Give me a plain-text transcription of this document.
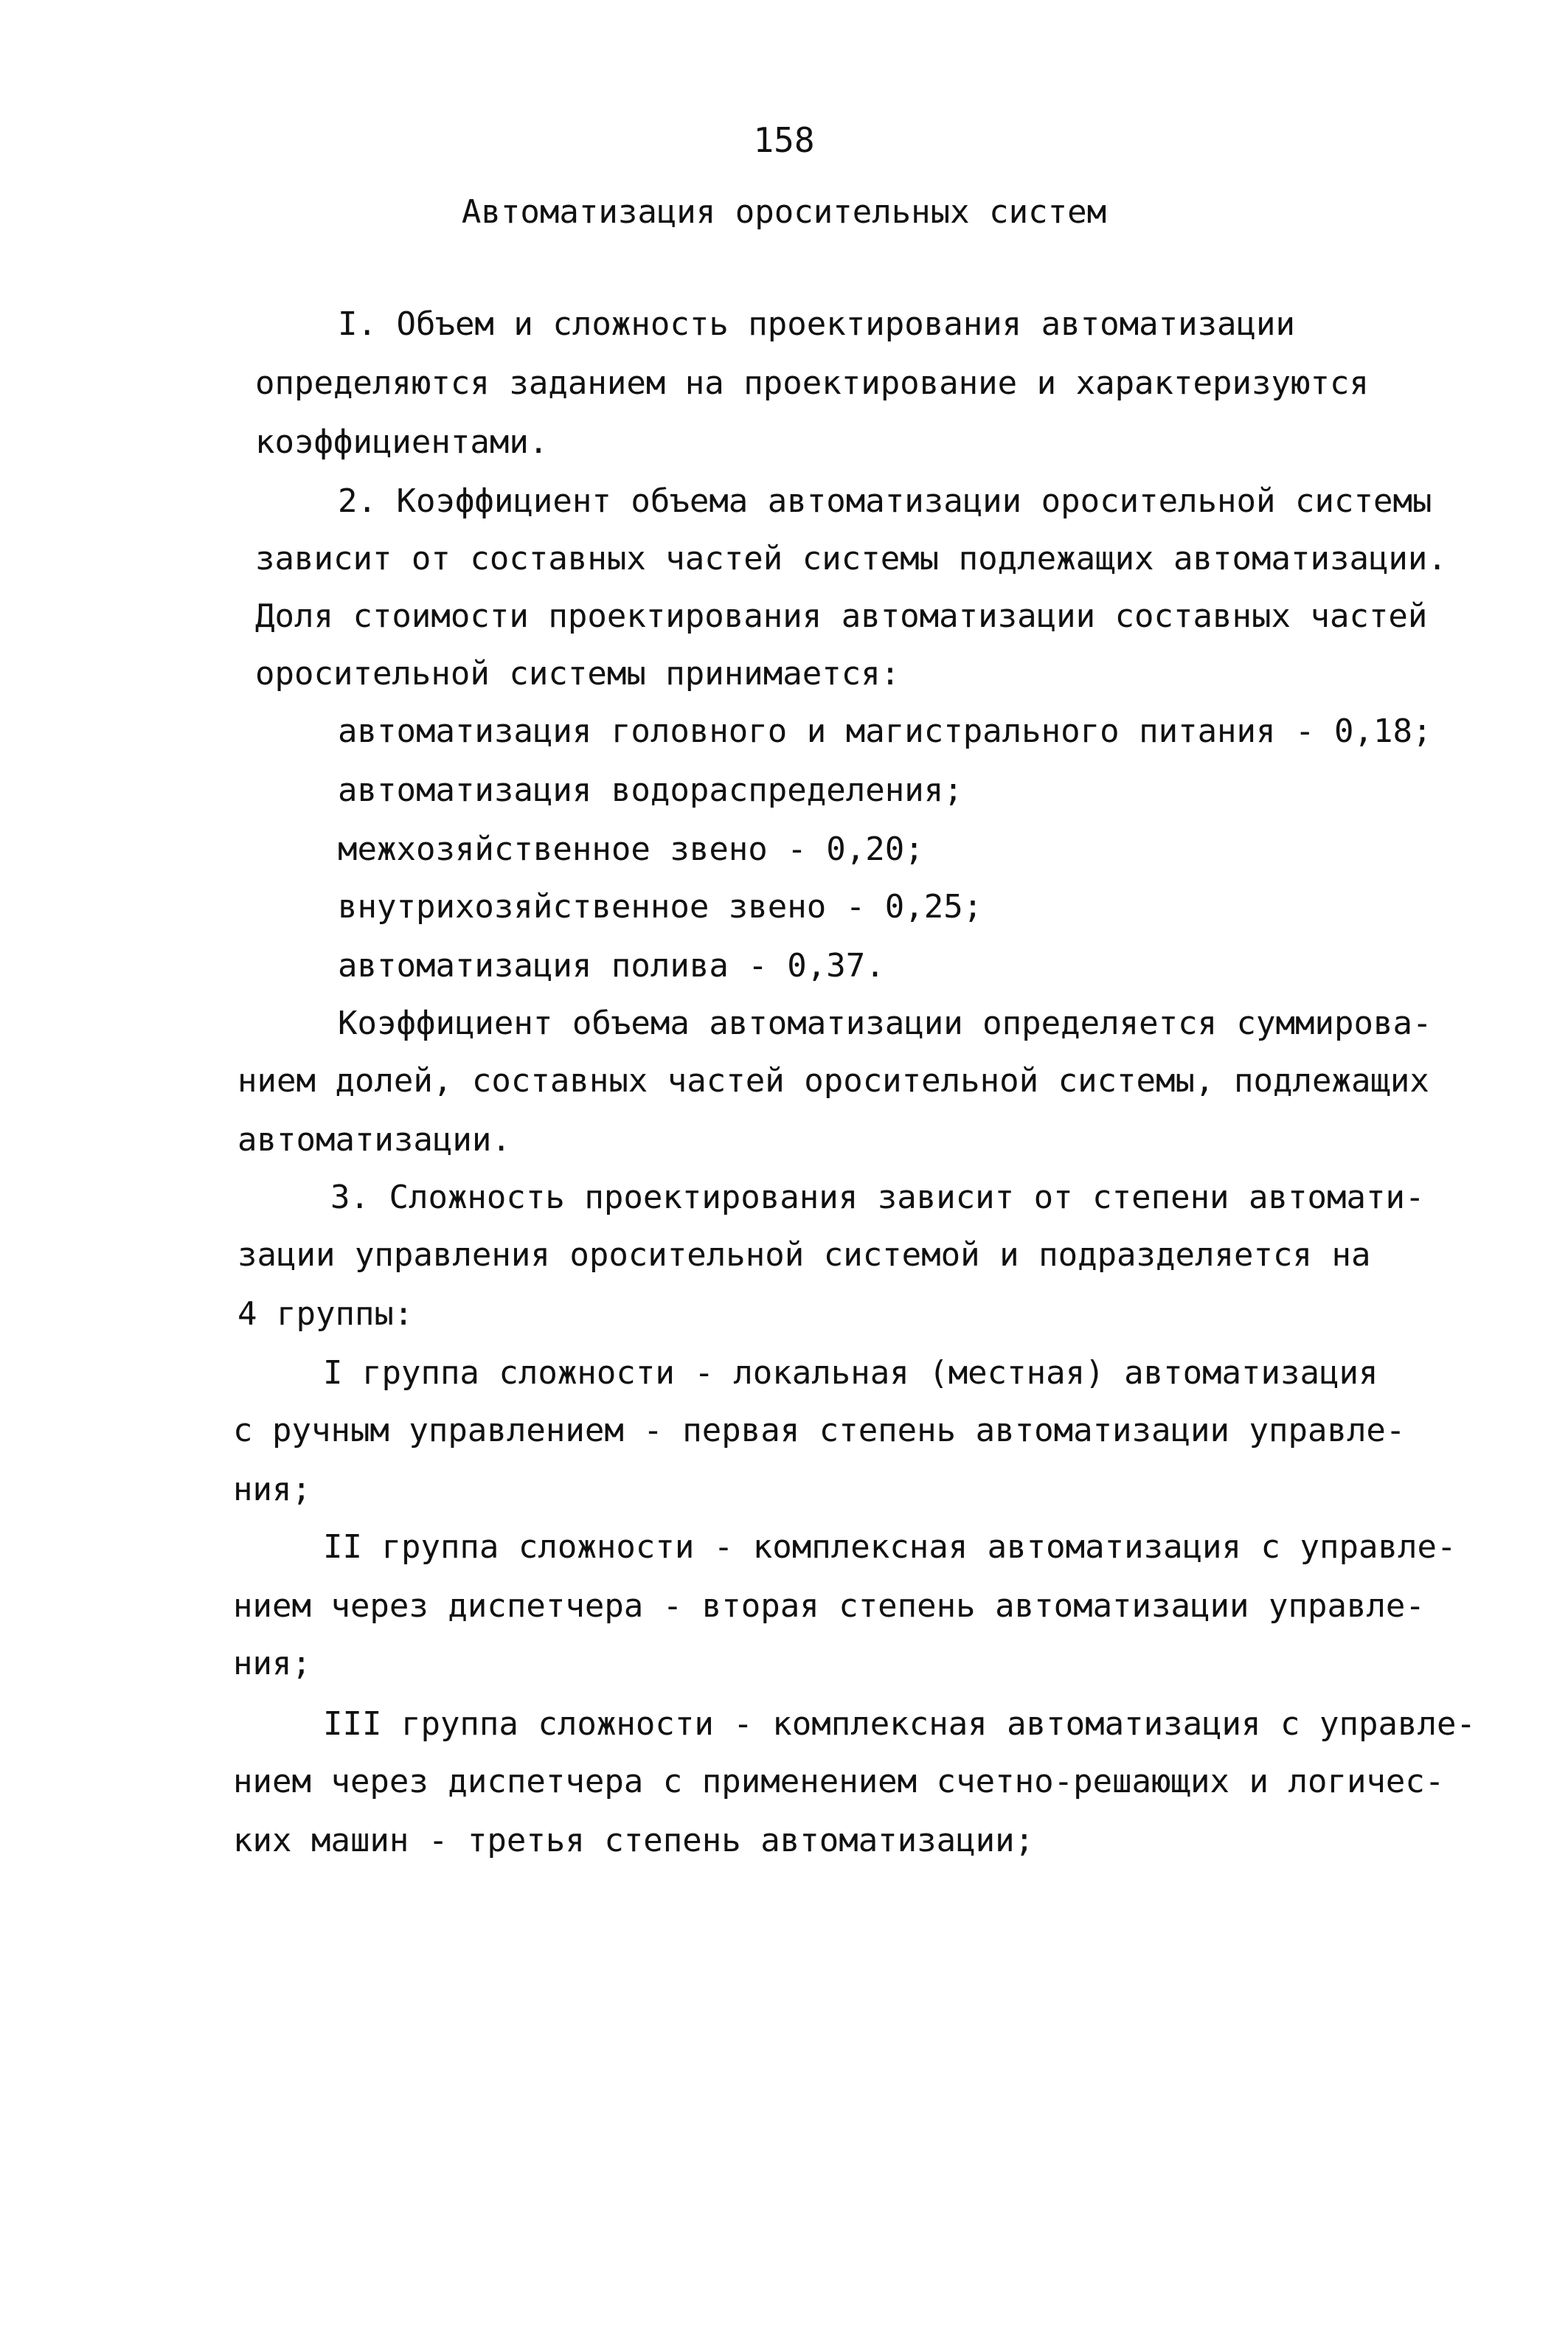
158
Автоматизация оросительных систем
I. Объем и сложность проектирования автоматизации
определяются заданием на проектирование и характеризуются
коэффициентами.
2. Коэффициент объема автоматизации оросительной системы
зависит от составных частей системы подлежащих автоматизации.
Доля стоимости проектирования автоматизации составных частей
оросительной системы принимается:
автоматизация головного и магистрального питания - 0,18;
автоматизация водораспределения;
межхозяйственное звено - 0,20;
внутрихозяйственное звено - 0,25;
автоматизация полива - 0,37.
Коэффициент объема автоматизации определяется суммирова-
нием долей, составных частей оросительной системы, подлежащих
автоматизации.
3. Сложность проектирования зависит от степени автомати-
зации управления оросительной системой и подразделяется на
4 группы:
I группа сложности - локальная (местная) автоматизация
с ручным управлением - первая степень автоматизации управле-
ния;
II группа сложности - комплексная автоматизация с управле-
нием через диспетчера - вторая степень автоматизации управле-
ния;
III группа сложности - комплексная автоматизация с управле-
нием через диспетчера с применением счетно-решающих и логичес-
ких машин - третья степень автоматизации;
